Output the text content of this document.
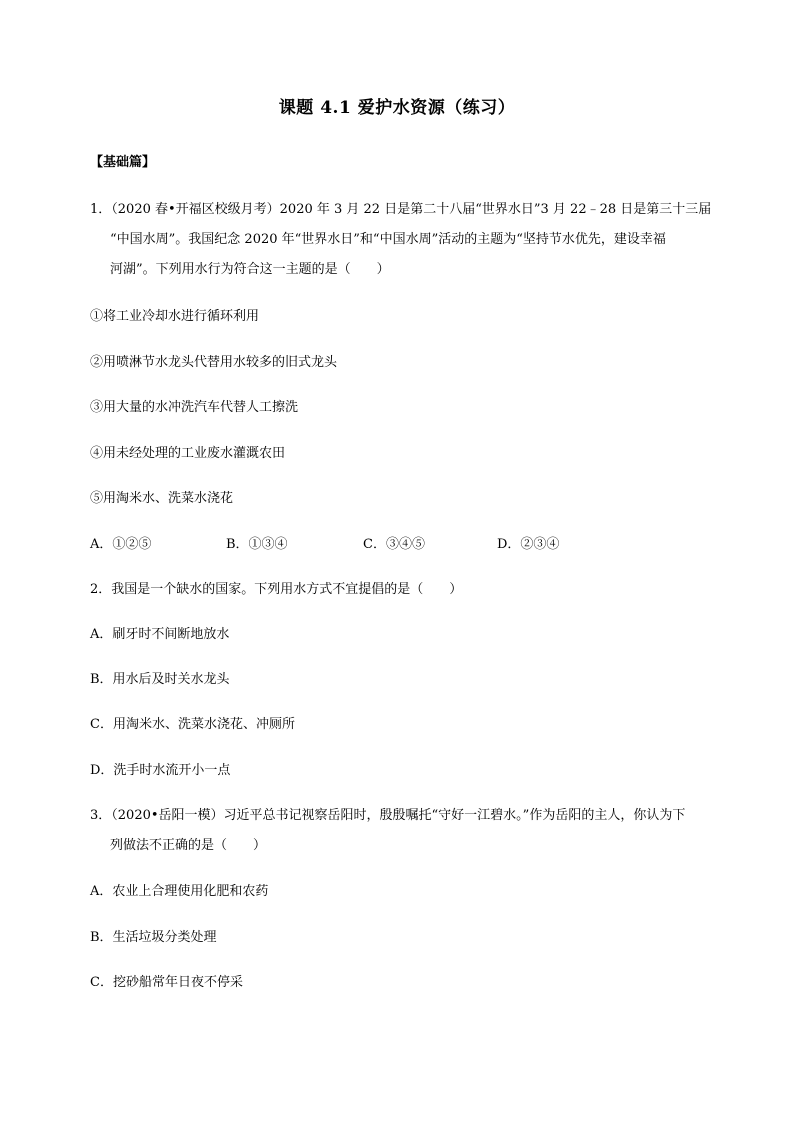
课题 4.1 爱护水资源（练习）
【基础篇】
1．（2020 春•开福区校级月考）2020 年 3 月 22 日是第二十八届“世界水日”3 月 22﹣28 日是第三十三届
“中国水周”。我国纪念 2020 年“世界水日”和“中国水周”活动的主题为“坚持节水优先，建设幸福
河湖”。下列用水行为符合这一主题的是（　　）
①将工业冷却水进行循环利用
②用喷淋节水龙头代替用水较多的旧式龙头
③用大量的水冲洗汽车代替人工擦洗
④用未经处理的工业废水灌溉农田
⑤用淘米水、洗菜水浇花
A．①②⑤	B．①③④	C．③④⑤	D．②③④
2．我国是一个缺水的国家。下列用水方式不宜提倡的是（　　）
A．刷牙时不间断地放水
B．用水后及时关水龙头
C．用淘米水、洗菜水浇花、冲厕所
D．洗手时水流开小一点
3．（2020•岳阳一模）习近平总书记视察岳阳时，殷殷嘱托“守好一江碧水。”作为岳阳的主人，你认为下
列做法不正确的是（　　）
A．农业上合理使用化肥和农药
B．生活垃圾分类处理
C．挖砂船常年日夜不停采
